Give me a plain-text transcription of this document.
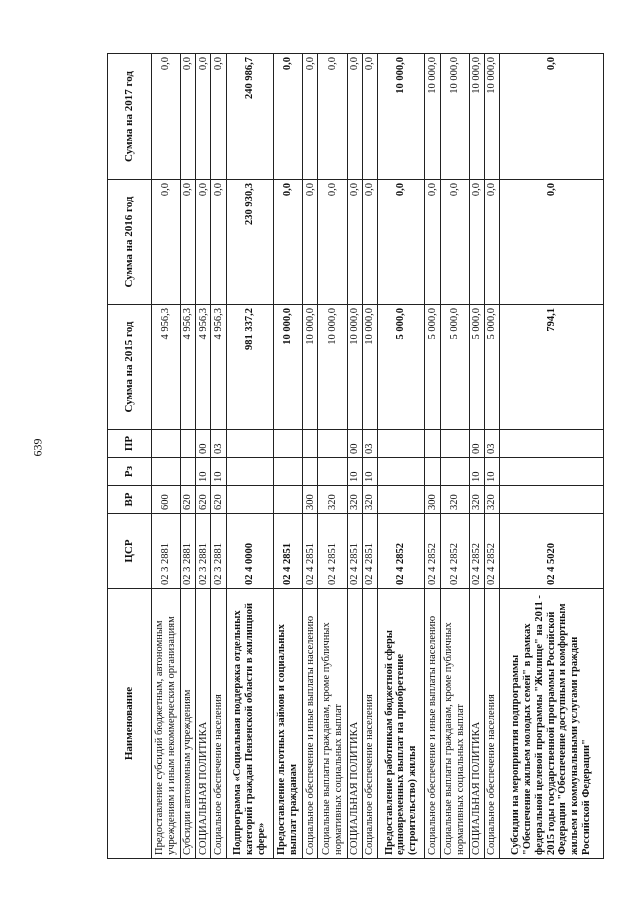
639
Наименование	ЦСР	ВР	Рз	ПР	Сумма на 2015 год	Сумма на 2016 год	Сумма на 2017 год
Предоставление субсидий бюджетным, автономным учреждениям и иным некоммерческим организациям	02 3 2881	600			4 956,3	0,0	0,0
Субсидии автономным учреждениям	02 3 2881	620			4 956,3	0,0	0,0
СОЦИАЛЬНАЯ ПОЛИТИКА	02 3 2881	620	10	00	4 956,3	0,0	0,0
Социальное обеспечение населения	02 3 2881	620	10	03	4 956,3	0,0	0,0
Подпрограмма «Социальная поддержка отдельных категорий граждан Пензенской области в жилищной сфере»	02 4 0000				981 337,2	230 930,3	240 986,7
Предоставление льготных займов и социальных выплат гражданам	02 4 2851				10 000,0	0,0	0,0
Социальное обеспечение и иные выплаты населению	02 4 2851	300			10 000,0	0,0	0,0
Социальные выплаты гражданам, кроме публичных нормативных социальных выплат	02 4 2851	320			10 000,0	0,0	0,0
СОЦИАЛЬНАЯ ПОЛИТИКА	02 4 2851	320	10	00	10 000,0	0,0	0,0
Социальное обеспечение населения	02 4 2851	320	10	03	10 000,0	0,0	0,0
Предоставление работникам бюджетной сферы единовременных выплат на приобретение (строительство) жилья	02 4 2852				5 000,0	0,0	10 000,0
Социальное обеспечение и иные выплаты населению	02 4 2852	300			5 000,0	0,0	10 000,0
Социальные выплаты гражданам, кроме публичных нормативных социальных выплат	02 4 2852	320			5 000,0	0,0	10 000,0
СОЦИАЛЬНАЯ ПОЛИТИКА	02 4 2852	320	10	00	5 000,0	0,0	10 000,0
Социальное обеспечение населения	02 4 2852	320	10	03	5 000,0	0,0	10 000,0
Субсидии на мероприятия подпрограммы "Обеспечение жильем молодых семей" в рамках федеральной целевой программы "Жилище" на 2011 - 2015 годы государственной программы Российской Федерации "Обеспечение доступным и комфортным жильем и коммунальными услугами граждан Российской Федерации"	02 4 5020				794,1	0,0	0,0
